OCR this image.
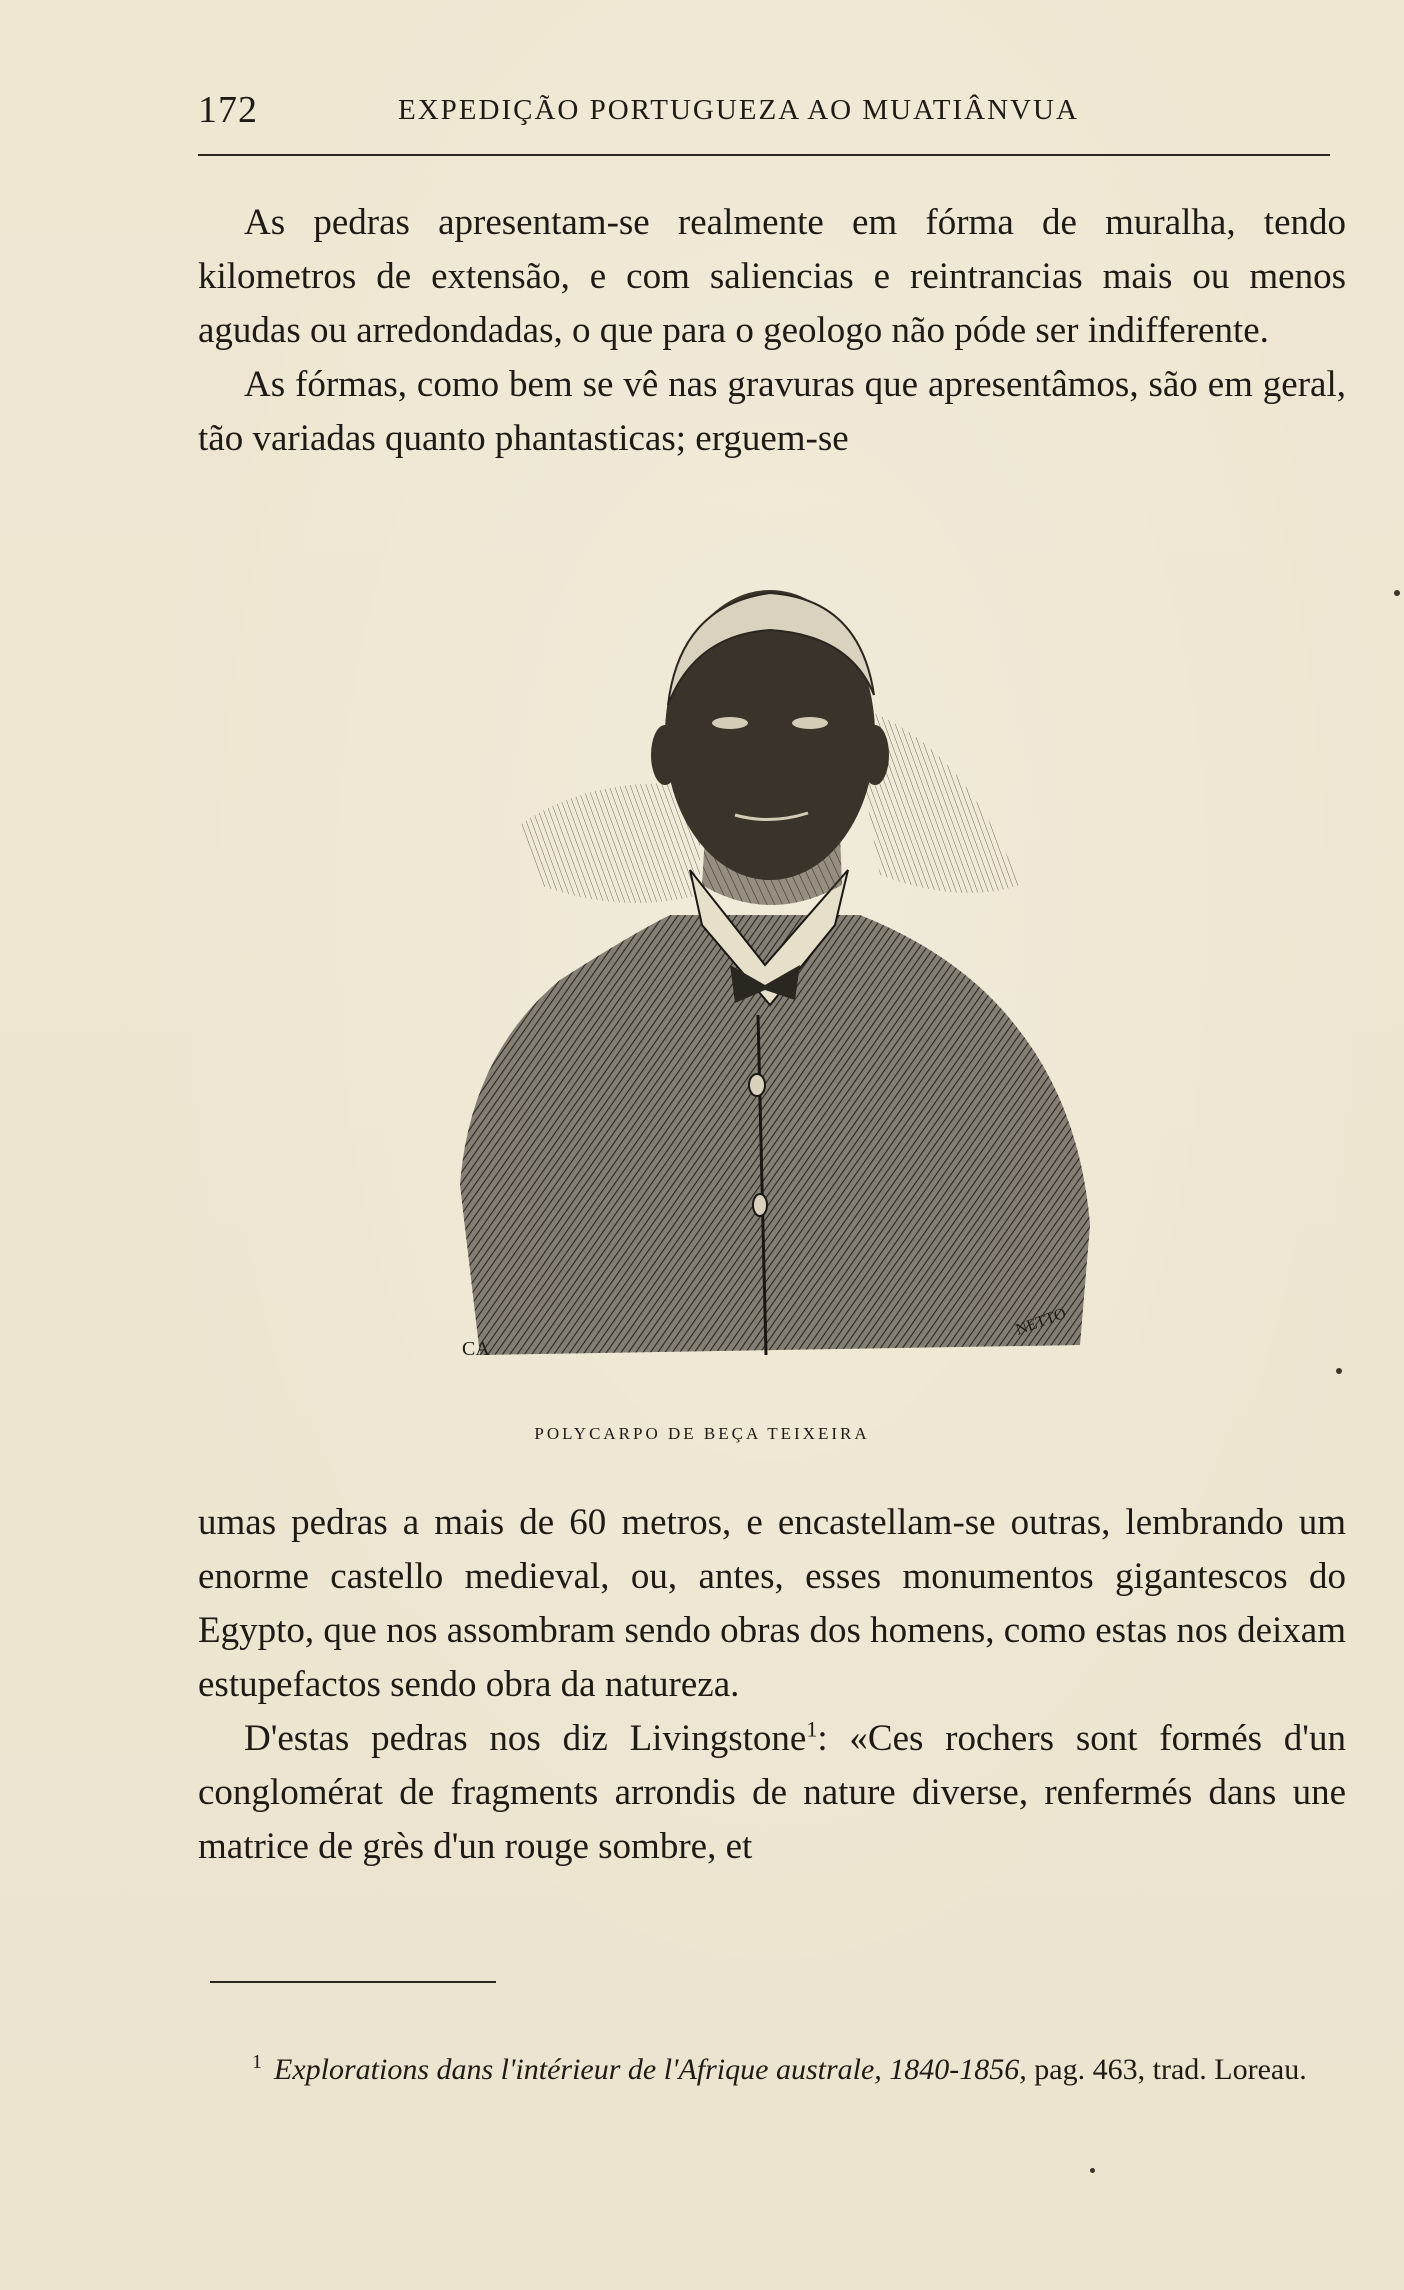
172	EXPEDIÇÃO PORTUGUEZA AO MUATIÂNVUA

As pedras apresentam-se realmente em fórma de muralha, tendo kilometros de extensão, e com saliencias e reintrancias mais ou menos agudas ou arredondadas, o que para o geologo não póde ser indifferente.

As fórmas, como bem se vê nas gravuras que apresentâmos, são em geral, tão variadas quanto phantasticas; erguem-se

CA
NETTO
POLYCARPO DE BEÇA TEIXEIRA

umas pedras a mais de 60 metros, e encastellam-se outras, lembrando um enorme castello medieval, ou, antes, esses monumentos gigantescos do Egypto, que nos assombram sendo obras dos homens, como estas nos deixam estupefactos sendo obra da natureza.

D'estas pedras nos diz Livingstone$^1$: «Ces rochers sont formés d'un conglomérat de fragments arrondis de nature diverse, renfermés dans une matrice de grès d'un rouge sombre, et

$^1$ Explorations dans l'intérieur de l'Afrique australe, 1840-1856, pag. 463, trad. Loreau.
